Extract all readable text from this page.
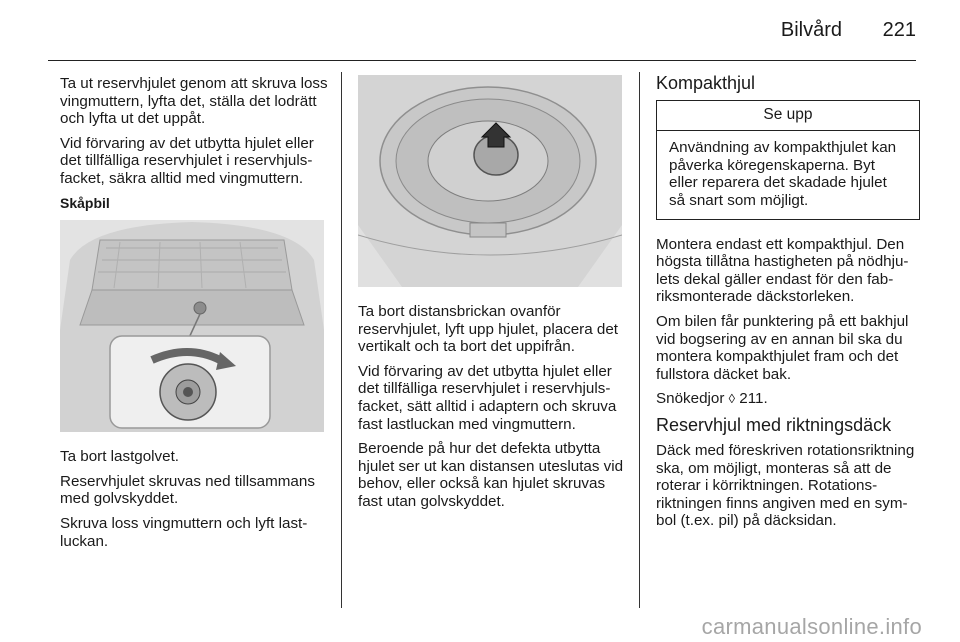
Bilvård 221

Ta ut reservhjulet genom att skruva loss vingmuttern, lyfta det, ställa det lodrätt och lyfta ut det uppåt.

Vid förvaring av det utbytta hjulet eller det tillfälliga reservhjulet i reservhjulsfacket, säkra alltid med vingmuttern.

Skåpbil

Ta bort lastgolvet.

Reservhjulet skruvas ned tillsammans med golvskyddet.

Skruva loss vingmuttern och lyft lastluckan.

Ta bort distansbrickan ovanför reservhjulet, lyft upp hjulet, placera det vertikalt och ta bort det uppifrån.

Vid förvaring av det utbytta hjulet eller det tillfälliga reservhjulet i reservhjulsfacket, sätt alltid i adaptern och skruva fast lastluckan med vingmuttern.

Beroende på hur det defekta utbytta hjulet ser ut kan distansen uteslutas vid behov, eller också kan hjulet skruvas fast utan golvskyddet.

Kompakthjul

Se upp
Användning av kompakthjulet kan påverka köregenskaperna. Byt eller reparera det skadade hjulet så snart som möjligt.

Montera endast ett kompakthjul. Den högsta tillåtna hastigheten på nödhjulets dekal gäller endast för den fabriksmonterade däckstorleken.

Om bilen får punktering på ett bakhjul vid bogsering av en annan bil ska du montera kompakthjulet fram och det fullstora däcket bak.

Snökedjor ◊ 211.

Reservhjul med riktningsdäck

Däck med föreskriven rotationsriktning ska, om möjligt, monteras så att de roterar i körriktningen. Rotationsriktningen finns angiven med en symbol (t.ex. pil) på däcksidan.

carmanualsonline.info
